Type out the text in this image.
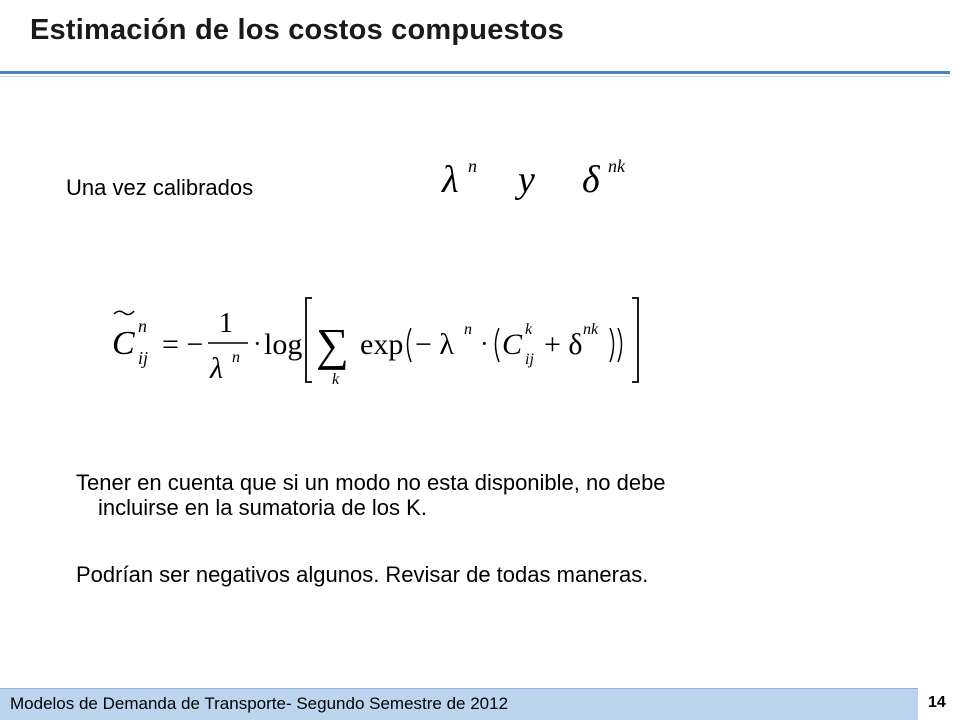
Estimación de los costos compuestos
Una vez calibrados	λ n y δ nk
C n
ij = −
1
λ n · log ∑
k
exp − λ n · C k
ij + δ nk
Tener en cuenta que si un modo no esta disponible, no debe
incluirse en la sumatoria de los K.
Podrían ser negativos algunos. Revisar de todas maneras.
Modelos de Demanda de Transporte- Segundo Semestre de 2012	14
